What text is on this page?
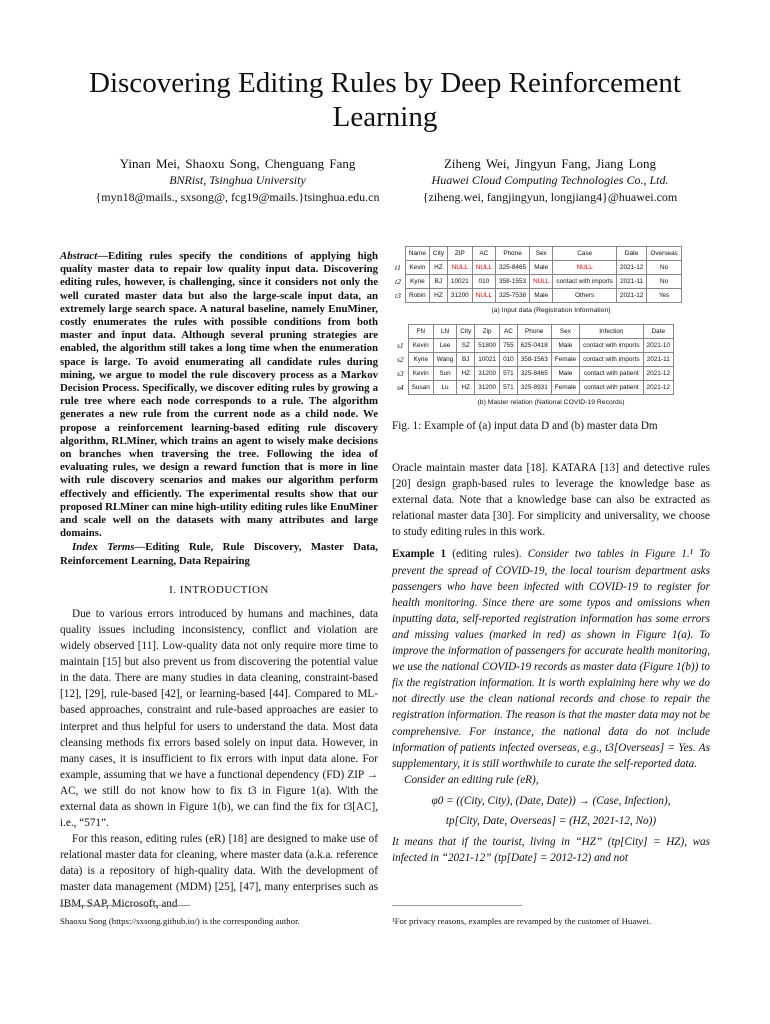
Discovering Editing Rules by Deep Reinforcement Learning
Yinan Mei, Shaoxu Song, Chenguang Fang
BNRist, Tsinghua University
{myn18@mails., sxsong@, fcg19@mails.}tsinghua.edu.cn
Ziheng Wei, Jingyun Fang, Jiang Long
Huawei Cloud Computing Technologies Co., Ltd.
{ziheng.wei, fangjingyun, longjiang4}@huawei.com
Abstract—Editing rules specify the conditions of applying high quality master data to repair low quality input data. Discovering editing rules, however, is challenging, since it considers not only the well curated master data but also the large-scale input data, an extremely large search space. A natural baseline, namely EnuMiner, costly enumerates the rules with possible conditions from both master and input data. Although several pruning strategies are enabled, the algorithm still takes a long time when the enumeration space is large. To avoid enumerating all candidate rules during mining, we argue to model the rule discovery process as a Markov Decision Process. Specifically, we discover editing rules by growing a rule tree where each node corresponds to a rule. The algorithm generates a new rule from the current node as a child node. We propose a reinforcement learning-based editing rule discovery algorithm, RLMiner, which trains an agent to wisely make decisions on branches when traversing the tree. Following the idea of evaluating rules, we design a reward function that is more in line with rule discovery scenarios and makes our algorithm perform effectively and efficiently. The experimental results show that our proposed RLMiner can mine high-utility editing rules like EnuMiner and scale well on the datasets with many attributes and large domains.
Index Terms—Editing Rule, Rule Discovery, Master Data, Reinforcement Learning, Data Repairing
I. INTRODUCTION

Due to various errors introduced by humans and machines, data quality issues including inconsistency, conflict and violation are widely observed [11]. Low-quality data not only require more time to maintain [15] but also prevent us from discovering the potential value in the data. There are many studies in data cleaning, constraint-based [12], [29], rule-based [42], or learning-based [44]. Compared to ML-based approaches, constraint and rule-based approaches are easier to interpret and thus helpful for users to understand the data. Most data cleansing methods fix errors based solely on input data. However, in many cases, it is insufficient to fix errors with input data alone. For example, assuming that we have a functional dependency (FD) ZIP → AC, we still do not know how to fix t3 in Figure 1(a). With the external data as shown in Figure 1(b), we can find the fix for t3[AC], i.e., “571”.

For this reason, editing rules (eR) [18] are designed to make use of relational master data for cleaning, where master data (a.k.a. reference data) is a repository of high-quality data. With the development of master data management (MDM) [25], [47], many enterprises such as IBM, SAP, Microsoft, and

Shaoxu Song (https://sxsong.github.io/) is the corresponding author.
	Name	City	ZIP	AC	Phone	Sex	Case	Date	Overseas
t1	Kevin	HZ	NULL	NULL	325-8465	Male	NULL	2021-12	No
t2	Kyrie	BJ	10021	010	358-1553	NULL	contact with imports	2021-11	No
t3	Robin	HZ	31200	NULL	325-7538	Male	Others	2021-12	Yes
(a) Input data (Registration Information)
	FN	LN	City	Zip	AC	Phone	Sex	Infection	Date
s1	Kevin	Lee	SZ	51800	755	625-0418	Male	contact with imports	2021-10
s2	Kyrie	Wang	BJ	10021	010	358-1563	Female	contact with imports	2021-11
s3	Kevin	Sun	HZ	31200	571	325-8465	Male	contact with patient	2021-12
s4	Susan	Lu	HZ	31200	571	325-8931	Female	contact with patient	2021-12
(b) Master relation (National COVID-19 Records)
Fig. 1: Example of (a) input data D and (b) master data Dm

Oracle maintain master data [18]. KATARA [13] and detective rules [20] design graph-based rules to leverage the knowledge base as external data. Note that a knowledge base can also be extracted as relational master data [30]. For simplicity and universality, we choose to study editing rules in this work.

Example 1 (editing rules). Consider two tables in Figure 1.¹ To prevent the spread of COVID-19, the local tourism department asks passengers who have been infected with COVID-19 to register for health monitoring. Since there are some typos and omissions when inputting data, self-reported registration information has some errors and missing values (marked in red) as shown in Figure 1(a). To improve the information of passengers for accurate health monitoring, we use the national COVID-19 records as master data (Figure 1(b)) to fix the registration information. It is worth explaining here why we do not directly use the clean national records and chose to repair the registration information. The reason is that the master data may not be comprehensive. For instance, the national data do not include information of patients infected overseas, e.g., t3[Overseas] = Yes. As supplementary, it is still worthwhile to curate the self-reported data.
Consider an editing rule (eR),
φ0 = ((City, City), (Date, Date)) → (Case, Infection),
tp[City, Date, Overseas] = (HZ, 2021-12, No))
It means that if the tourist, living in “HZ” (tp[City] = HZ), was infected in “2021-12” (tp[Date] = 2012-12) and not
¹For privacy reasons, examples are revamped by the customer of Huawei.
